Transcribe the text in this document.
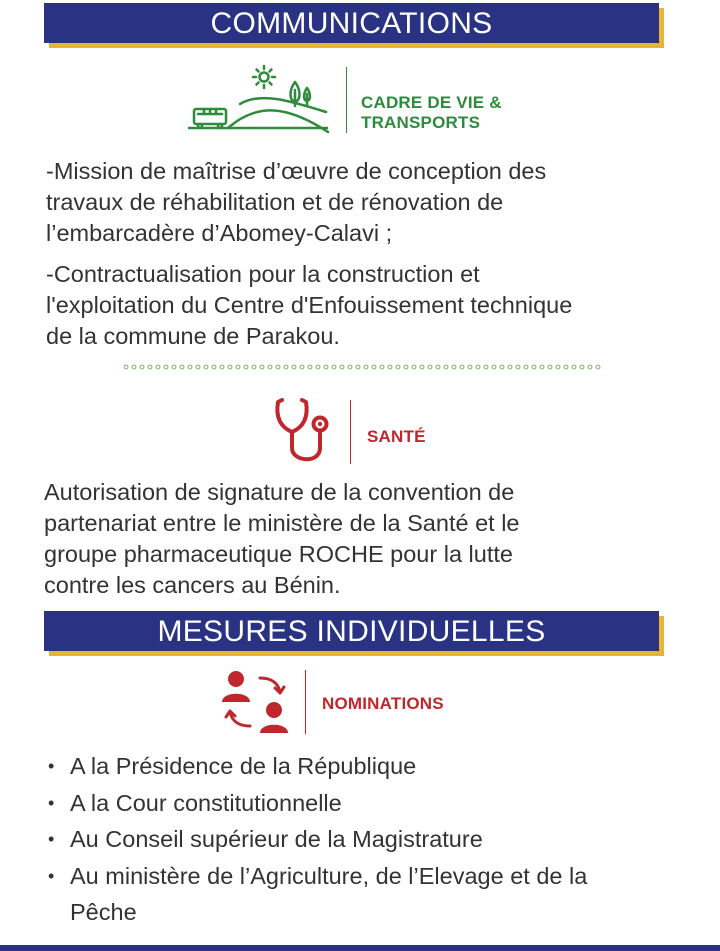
COMMUNICATIONS
CADRE DE VIE &
TRANSPORTS
-Mission de maîtrise d’œuvre de conception des
travaux de réhabilitation et de rénovation de
l’embarcadère d’Abomey-Calavi ;
-Contractualisation pour la construction et
l'exploitation du Centre d'Enfouissement technique
de la commune de Parakou.
SANTÉ
Autorisation de signature de la convention de
partenariat entre le ministère de la Santé et le
groupe pharmaceutique ROCHE pour la lutte
contre les cancers au Bénin.
MESURES INDIVIDUELLES
NOMINATIONS
• A la Présidence de la République
• A la Cour constitutionnelle
• Au Conseil supérieur de la Magistrature
• Au ministère de l’Agriculture, de l’Elevage et de la
Pêche
